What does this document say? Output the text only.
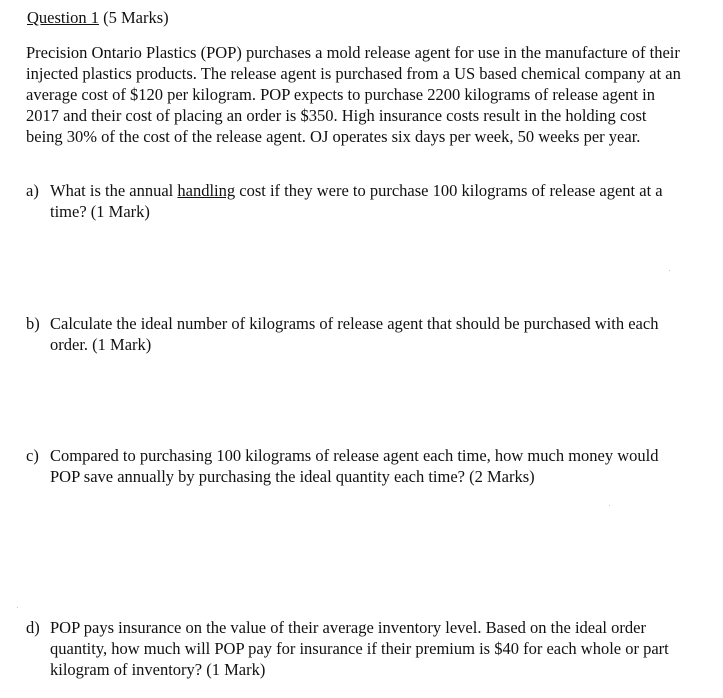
Question 1 (5 Marks)
Precision Ontario Plastics (POP) purchases a mold release agent for use in the manufacture of their injected plastics products. The release agent is purchased from a US based chemical company at an average cost of $120 per kilogram. POP expects to purchase 2200 kilograms of release agent in 2017 and their cost of placing an order is $350. High insurance costs result in the holding cost being 30% of the cost of the release agent. OJ operates six days per week, 50 weeks per year.
a) What is the annual handling cost if they were to purchase 100 kilograms of release agent at a time? (1 Mark)
b) Calculate the ideal number of kilograms of release agent that should be purchased with each order. (1 Mark)
c) Compared to purchasing 100 kilograms of release agent each time, how much money would POP save annually by purchasing the ideal quantity each time? (2 Marks)
d) POP pays insurance on the value of their average inventory level. Based on the ideal order quantity, how much will POP pay for insurance if their premium is $40 for each whole or part kilogram of inventory? (1 Mark)
